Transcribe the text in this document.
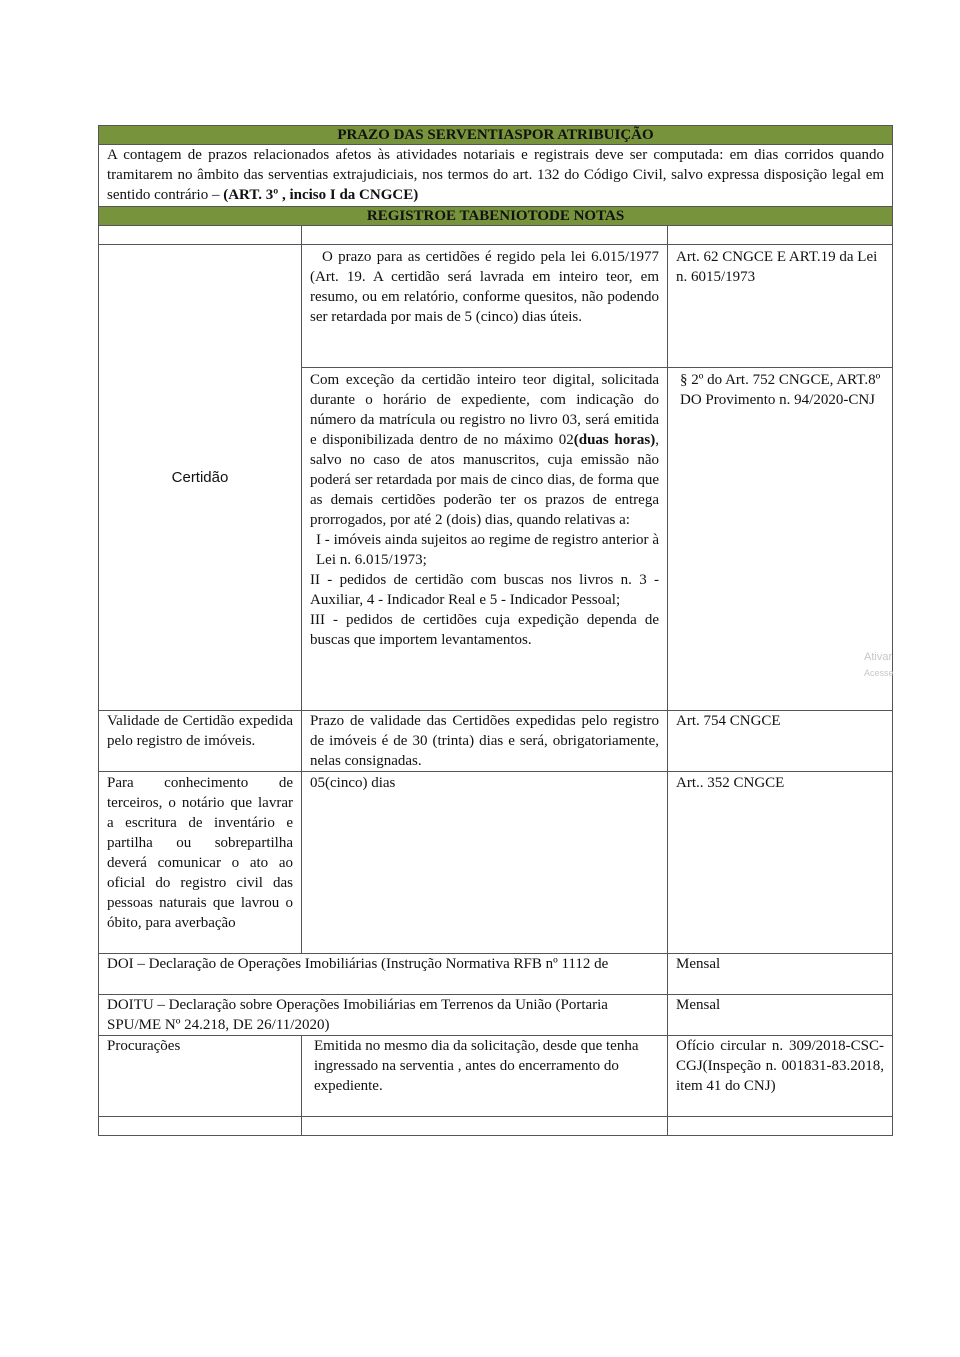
PRAZO DAS SERVENTIASPOR ATRIBUIÇÃO		
A contagem de prazos relacionados afetos às atividades notariais e registrais deve ser computada: em dias corridos quando tramitarem no âmbito das serventias extrajudiciais, nos termos do art. 132 do Código Civil, salvo expressa disposição legal em sentido contrário – (ART. 3º , inciso I da CNGCE)		
REGISTROE TABENIOTODE NOTAS		

Certidão	O prazo para as certidões é regido pela lei 6.015/1977 (Art. 19. A certidão será lavrada em inteiro teor, em resumo, ou em relatório, conforme quesitos, não podendo ser retardada por mais de 5 (cinco) dias úteis.	Art. 62 CNGCE E ART.19 da Lei n. 6015/1973

	Com exceção da certidão inteiro teor digital, solicitada durante o horário de expediente, com indicação do número da matrícula ou registro no livro 03, será emitida e disponibilizada dentro de no máximo 02(duas horas), salvo no caso de atos manuscritos, cuja emissão não poderá ser retardada por mais de cinco dias, de forma que as demais certidões poderão ter os prazos de entrega prorrogados, por até 2 (dois) dias, quando relativas a:
I - imóveis ainda sujeitos ao regime de registro anterior à Lei n. 6.015/1973;
II - pedidos de certidão com buscas nos livros n. 3 - Auxiliar, 4 - Indicador Real e 5 - Indicador Pessoal;
III - pedidos de certidões cuja expedição dependa de buscas que importem levantamentos.	§ 2º do Art. 752 CNGCE, ART.8º DO Provimento n. 94/2020-CNJ
Validade de Certidão expedida pelo registro de imóveis.	Prazo de validade das Certidões expedidas pelo registro de imóveis é de 30 (trinta) dias e será, obrigatoriamente, nelas consignadas.	Art. 754 CNGCE
Para conhecimento de terceiros, o notário que lavrar a escritura de inventário e partilha ou sobrepartilha deverá comunicar o ato ao oficial do registro civil das pessoas naturais que lavrou o óbito, para averbação	05(cinco) dias	Art.. 352 CNGCE
DOI – Declaração de Operações Imobiliárias (Instrução Normativa RFB nº 1112 de		Mensal
DOITU – Declaração sobre Operações Imobiliárias em Terrenos da União (Portaria SPU/ME Nº 24.218, DE 26/11/2020)		Mensal
Procurações	Emitida no mesmo dia da solicitação, desde que tenha ingressado na serventia , antes do encerramento do expediente.	Ofício circular n. 309/2018-CSC-CGJ(Inspeção n. 001831-83.2018, item 41 do CNJ)

Ativar
Acesse
